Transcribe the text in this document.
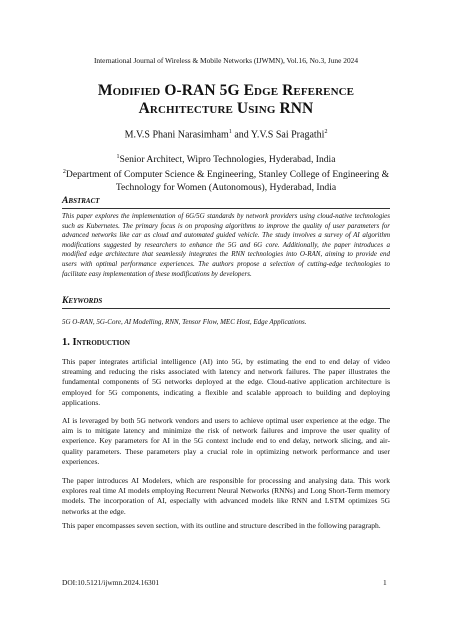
International Journal of Wireless & Mobile Networks (IJWMN), Vol.16, No.3, June 2024
Modified O-RAN 5G Edge Reference
Architecture Using RNN
M.V.S Phani Narasimham$^1$ and Y.V.S Sai Pragathi$^2$
$^1$Senior Architect, Wipro Technologies, Hyderabad, India
$^2$Department of Computer Science & Engineering, Stanley College of Engineering &
Technology for Women (Autonomous), Hyderabad, India
Abstract
This paper explores the implementation of 6G/5G standards by network providers using cloud-native technologies such as Kubernetes. The primary focus is on proposing algorithms to improve the quality of user parameters for advanced networks like car as cloud and automated guided vehicle. The study involves a survey of AI algorithm modifications suggested by researchers to enhance the 5G and 6G core. Additionally, the paper introduces a modified edge architecture that seamlessly integrates the RNN technologies into O-RAN, aiming to provide end users with optimal performance experiences. The authors propose a selection of cutting-edge technologies to facilitate easy implementation of these modifications by developers.
Keywords
5G O-RAN, 5G-Core, AI Modelling, RNN, Tensor Flow, MEC Host, Edge Applications.
1. Introduction
This paper integrates artificial intelligence (AI) into 5G, by estimating the end to end delay of video streaming and reducing the risks associated with latency and network failures. The paper illustrates the fundamental components of 5G networks deployed at the edge. Cloud-native application architecture is employed for 5G components, indicating a flexible and scalable approach to building and deploying applications.
AI is leveraged by both 5G network vendors and users to achieve optimal user experience at the edge. The aim is to mitigate latency and minimize the risk of network failures and improve the user quality of experience. Key parameters for AI in the 5G context include end to end delay, network slicing, and air-quality parameters. These parameters play a crucial role in optimizing network performance and user experiences.
The paper introduces AI Modelers, which are responsible for processing and analysing data. This work explores real time AI models employing Recurrent Neural Networks (RNNs) and Long Short-Term memory models. The incorporation of AI, especially with advanced models like RNN and LSTM optimizes 5G networks at the edge.
This paper encompasses seven section, with its outline and structure described in the following paragraph.
DOI:10.5121/ijwmn.2024.16301	1
